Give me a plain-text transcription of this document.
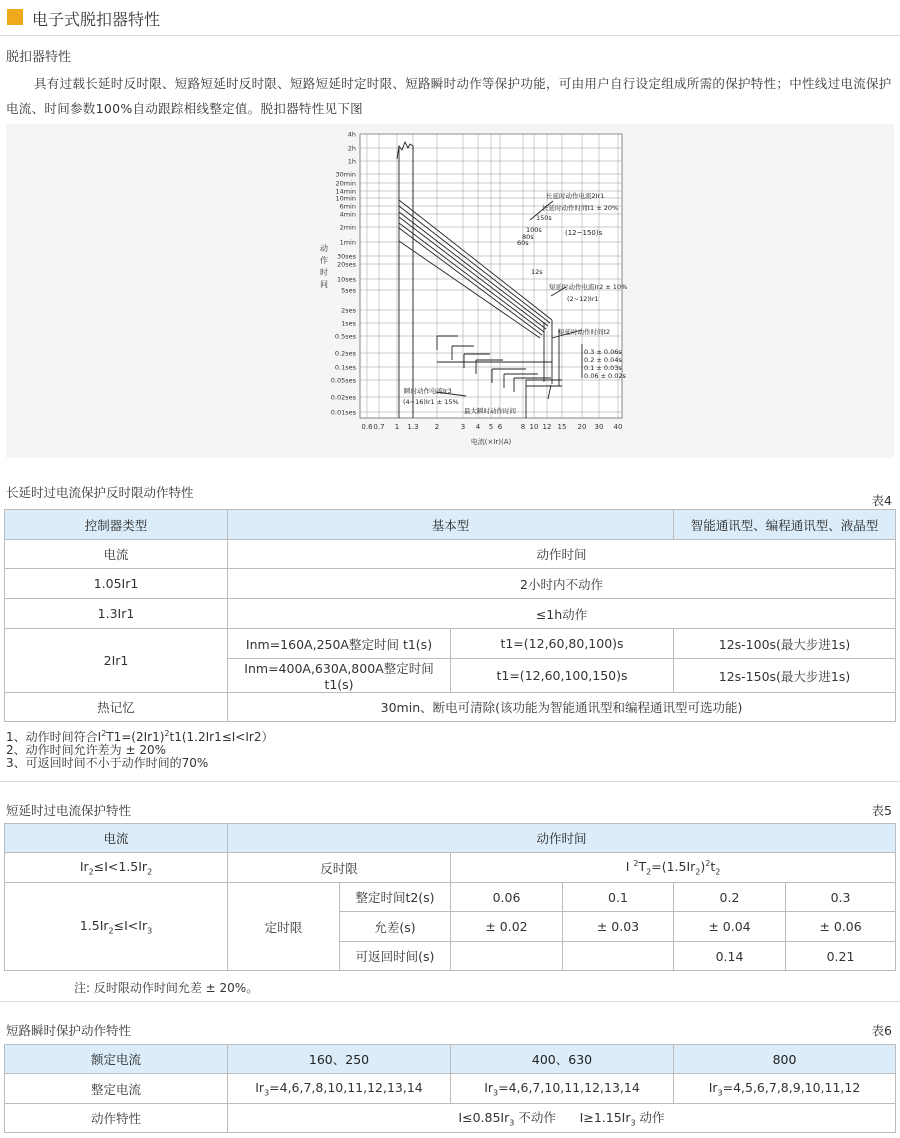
电子式脱扣器特性
脱扣器特性
具有过载长延时反时限、短路短延时反时限、短路短延时定时限、短路瞬时动作等保护功能，可由用户自行设定组成所需的保护特性；中性线过电流保护电流、时间参数100%自动跟踪相线整定值。脱扣器特性见下图
4h
2h
1h
30min
20min
14min
10min
6min
4min
2min
1min
30ses
20ses
10ses
5ses
2ses
1ses
0.5ses
0.2ses
0.1ses
0.05ses
0.02ses
0.01ses
0.6 0.7 1 1.3 2	3 4 5 6	8 10 12 15 20 30 40
电流(×Ir)(A)
动
作
时
间
长延时动作电流2Ir1
长延时动作时间t1 ± 20%
150s
100s
80s
60s
(12~150)s
12s
短延时动作电流Ir2 ± 10%
(2~12)Ir1
短延时动作时间t2
0.3 ± 0.06s
0.2 ± 0.04s
0.1 ± 0.03s
0.06 ± 0.02s
瞬时动作电流Ir3
(4~16)Ir1 ± 15%
最大瞬时动作时间
长延时过电流保护反时限动作特性
表4
控制器类型	基本型		智能通讯型、编程通讯型、液晶型
电流	动作时间		
1.05Ir1	2小时内不动作		
1.3Ir1	≤1h动作		
2Ir1	Inm=160A,250A整定时间 t1(s)	t1=(12,60,80,100)s	12s-100s(最大步进1s)
	Inm=400A,630A,800A整定时间 t1(s)	t1=(12,60,100,150)s	12s-150s(最大步进1s)
热记忆	30min、断电可清除(该功能为智能通讯型和编程通讯型可选功能)		
1、动作时间符合$I^2T1=(2Ir1)^2t1(1.2Ir1\le I<Ir2)$
2、动作时间允许差为 ± 20%
3、可返回时间不小于动作时间的70%
短延时过电流保护特性	表5
电流	动作时间					
$Ir_2\le I<1.5Ir_2$	反时限		I $^2T_2=(1.5Ir_2)^2t_2$
$1.5Ir_2\le I<Ir_3$	定时限	整定时间t2(s)	0.06	0.1	0.2	0.3
		允差(s)	± 0.02	± 0.03	± 0.04	± 0.06
		可返回时间(s)			0.14	0.21
注: 反时限动作时间允差 ± 20%。
短路瞬时保护动作特性	表6
额定电流	160、250	400、630	800
整定电流	$Ir_3=4,6,7,8,10,11,12,13,14$	$Ir_3=4,6,7,10,11,12,13,14$	$Ir_3=4,5,6,7,8,9,10,11,12$
动作特性	$I\le 0.85Ir_3$ 不动作      $I\ge 1.15Ir_3$ 动作		
